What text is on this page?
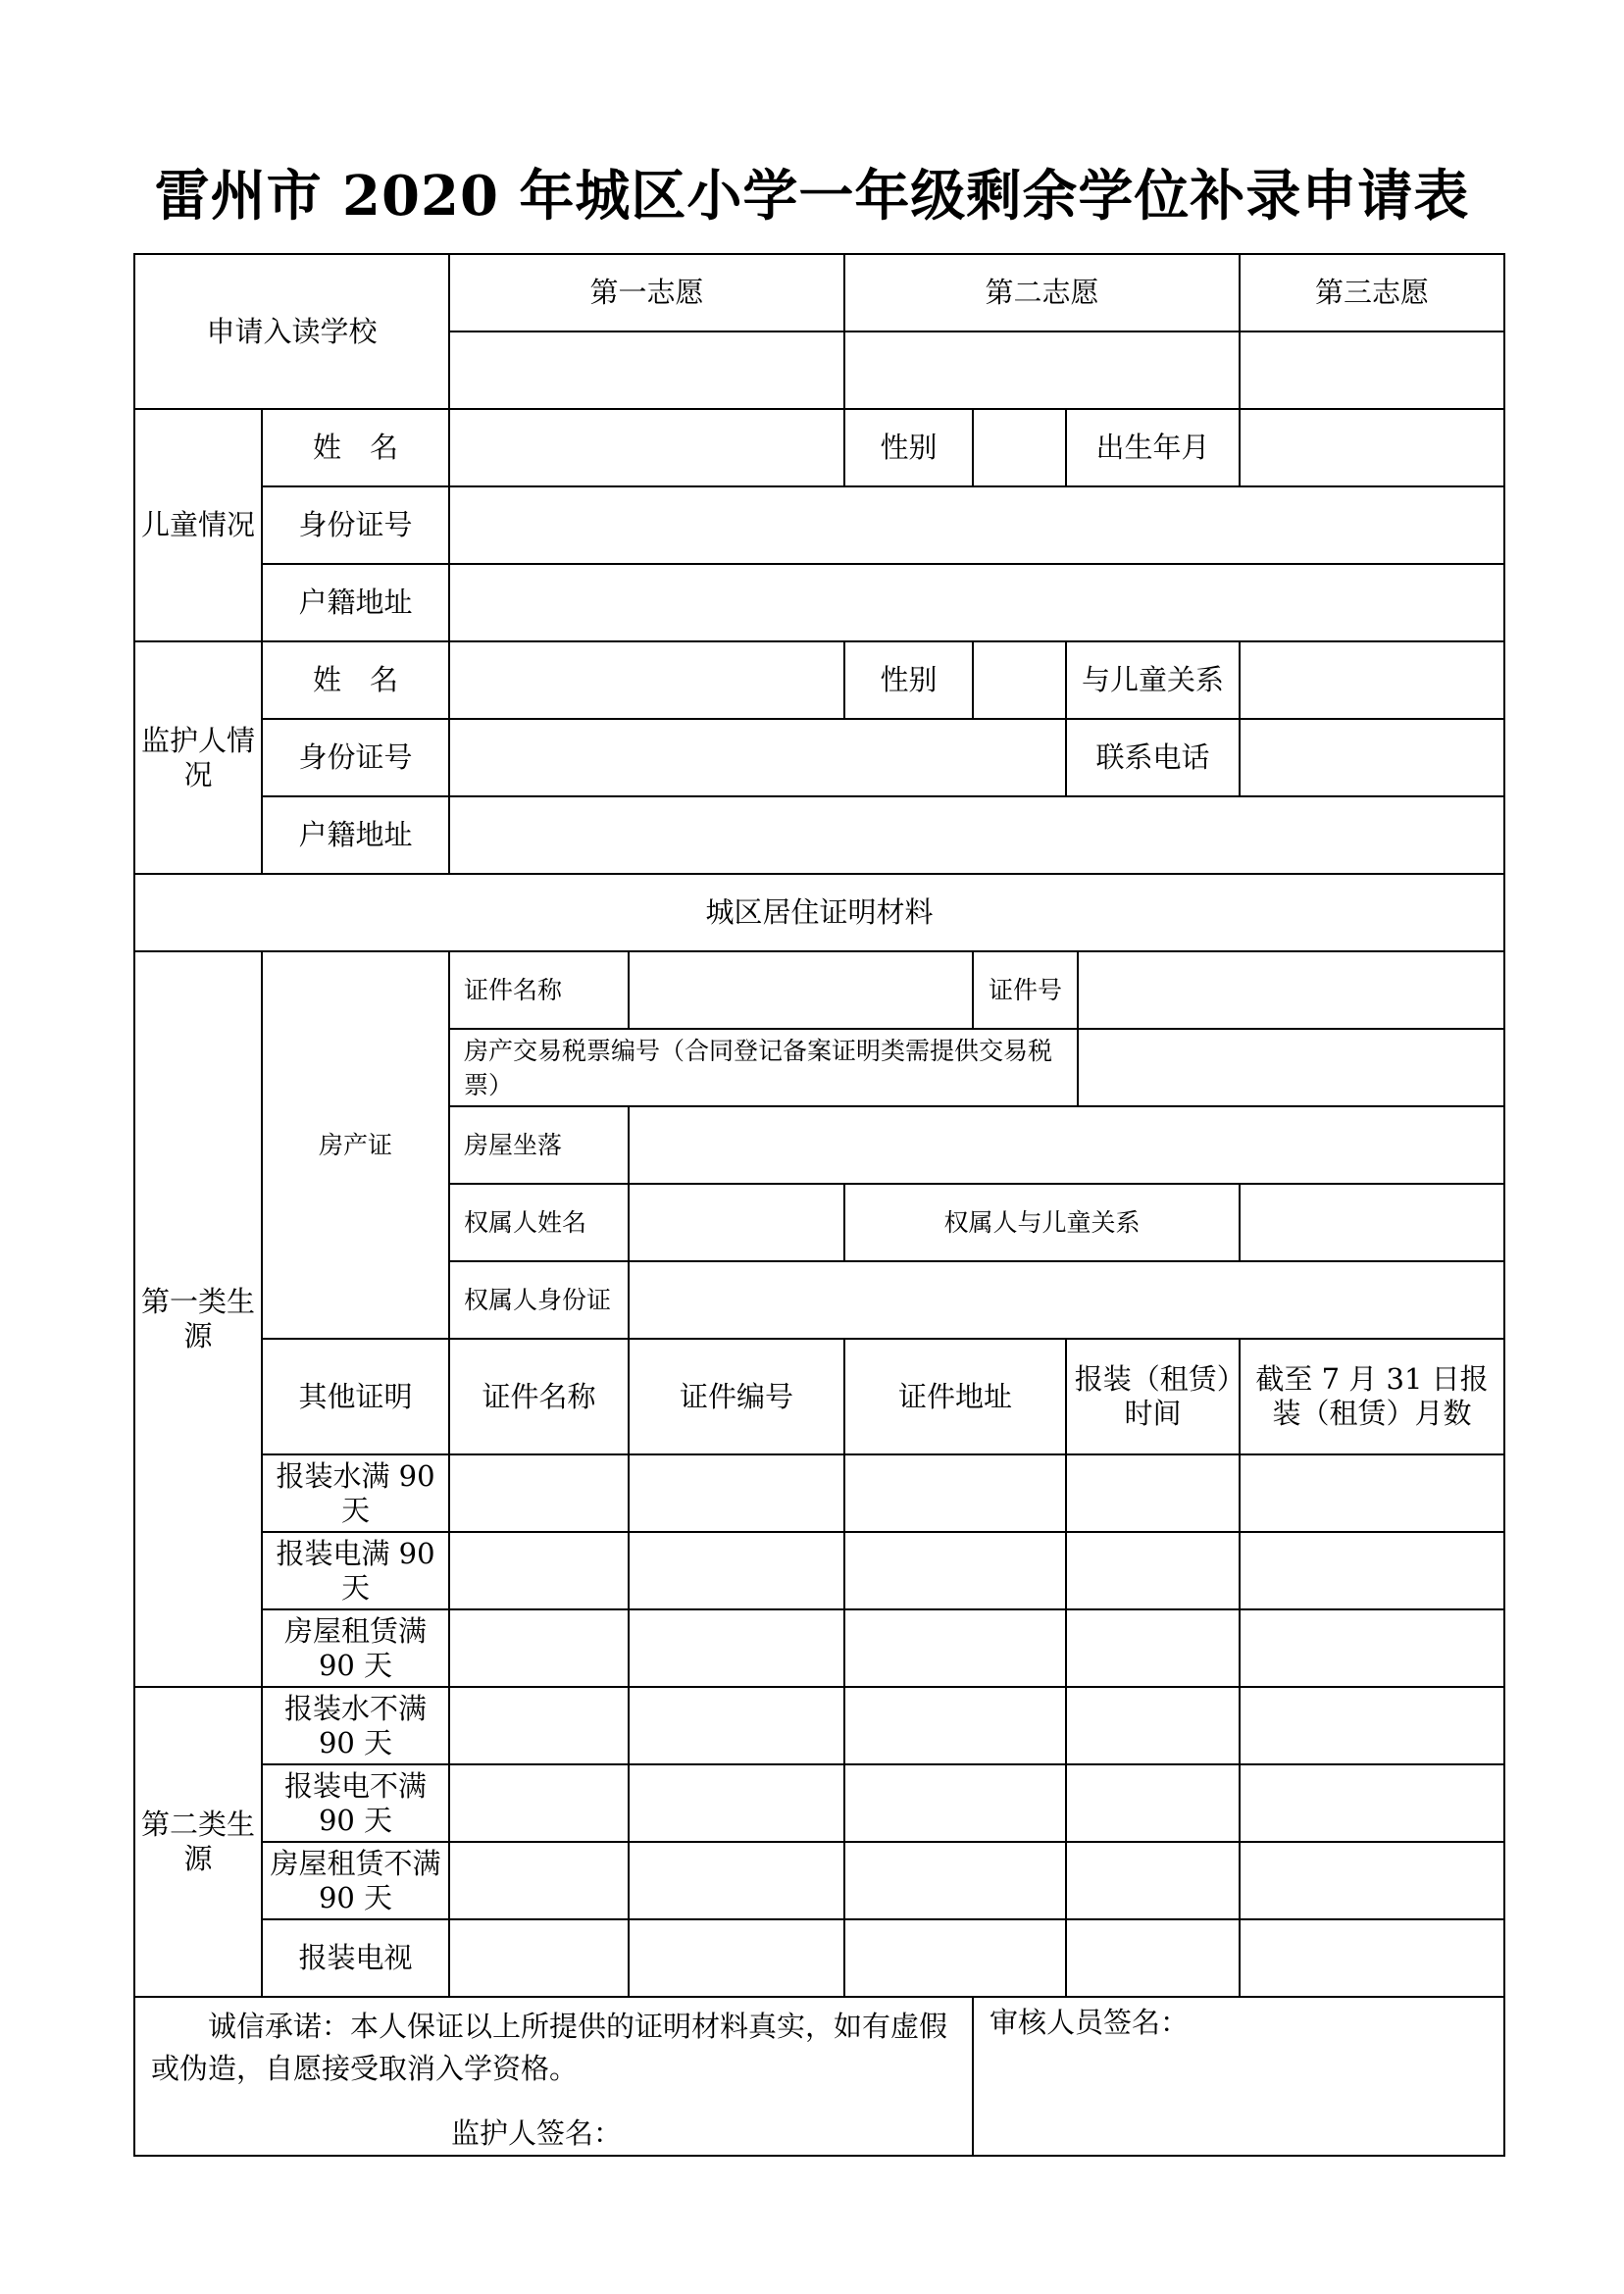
雷州市 2020 年城区小学一年级剩余学位补录申请表
申请入读学校		第一志愿		第二志愿				第三志愿

儿童情况	姓　名			性别		出生年月		
	身份证号							
	户籍地址							
监护人情况	姓　名			性别		与儿童关系		
	身份证号					联系电话		
	户籍地址							
城区居住证明材料								
第一类生源	房产证	证件名称			证件号			
		房产交易税票编号（合同登记备案证明类需提供交易税票）						
		房屋坐落						
		权属人姓名		权属人与儿童关系				
		权属人身份证						
	其他证明	证件名称	证件编号	证件地址		报装（租赁）时间		截至 7 月 31 日报装（租赁）月数
	报装水满 90 天							
	报装电满 90 天							
	房屋租赁满 90 天							
第二类生源	报装水不满 90 天							
	报装电不满 90 天							
	房屋租赁不满 90 天							
	报装电视							

诚信承诺：本人保证以上所提供的证明材料真实，如有虚假或伪造，自愿接受取消入学资格。
监护人签名：					审核人员签名：			
